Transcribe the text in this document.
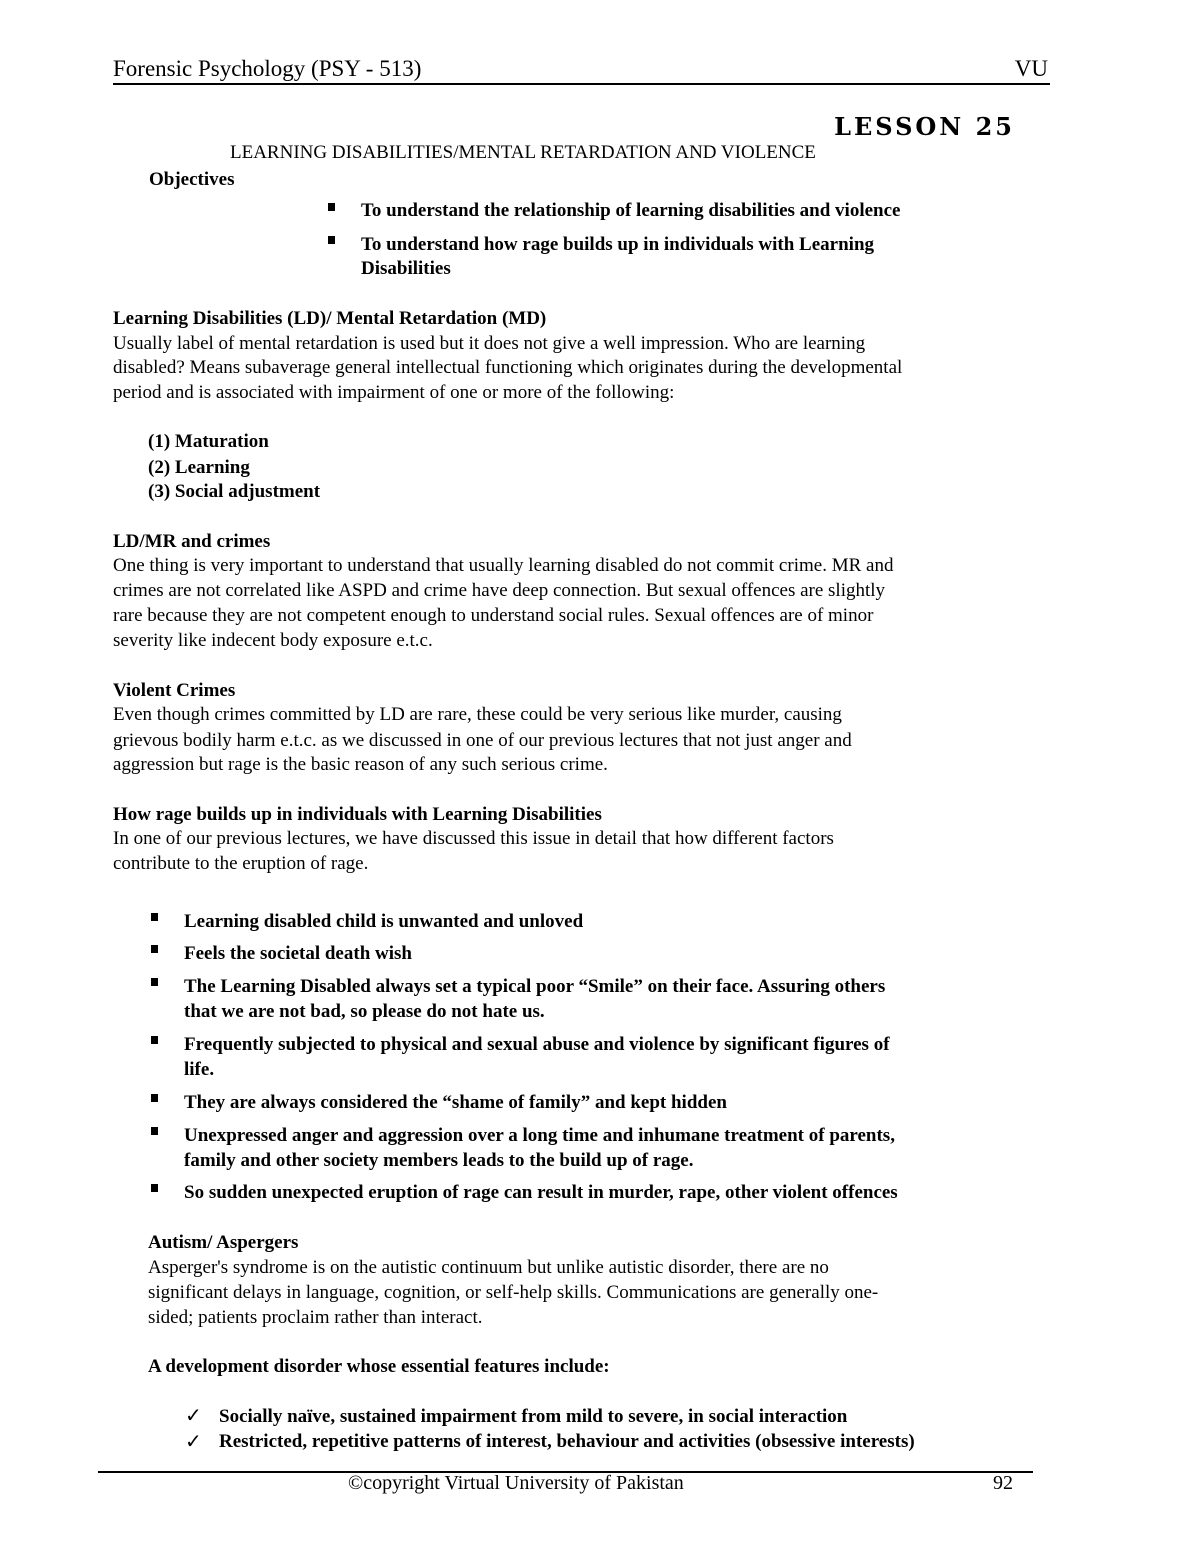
Forensic Psychology (PSY - 513)	VU
LESSON 25
LEARNING DISABILITIES/MENTAL RETARDATION AND VIOLENCE
Objectives
To understand the relationship of learning disabilities and violence
To understand how rage builds up in individuals with Learning
Disabilities
Learning Disabilities (LD)/ Mental Retardation (MD)
Usually label of mental retardation is used but it does not give a well impression. Who are learning
disabled? Means subaverage general intellectual functioning which originates during the developmental
period and is associated with impairment of one or more of the following:
(1) Maturation
(2) Learning
(3) Social adjustment
LD/MR and crimes
One thing is very important to understand that usually learning disabled do not commit crime. MR and
crimes are not correlated like ASPD and crime have deep connection. But sexual offences are slightly
rare because they are not competent enough to understand social rules. Sexual offences are of minor
severity like indecent body exposure e.t.c.
Violent Crimes
Even though crimes committed by LD are rare, these could be very serious like murder, causing
grievous bodily harm e.t.c. as we discussed in one of our previous lectures that not just anger and
aggression but rage is the basic reason of any such serious crime.
How rage builds up in individuals with Learning Disabilities
In one of our previous lectures, we have discussed this issue in detail that how different factors
contribute to the eruption of rage.
Learning disabled child is unwanted and unloved
Feels the societal death wish
The Learning Disabled always set a typical poor “Smile” on their face. Assuring others
that we are not bad, so please do not hate us.
Frequently subjected to physical and sexual abuse and violence by significant figures of
life.
They are always considered the “shame of family” and kept hidden
Unexpressed anger and aggression over a long time and inhumane treatment of parents,
family and other society members leads to the build up of rage.
So sudden unexpected eruption of rage can result in murder, rape, other violent offences
Autism/ Aspergers
Asperger's syndrome is on the autistic continuum but unlike autistic disorder, there are no
significant delays in language, cognition, or self-help skills. Communications are generally one-
sided; patients proclaim rather than interact.
A development disorder whose essential features include:
✓ Socially naïve, sustained impairment from mild to severe, in social interaction
✓ Restricted, repetitive patterns of interest, behaviour and activities (obsessive interests)
©copyright Virtual University of Pakistan	92
